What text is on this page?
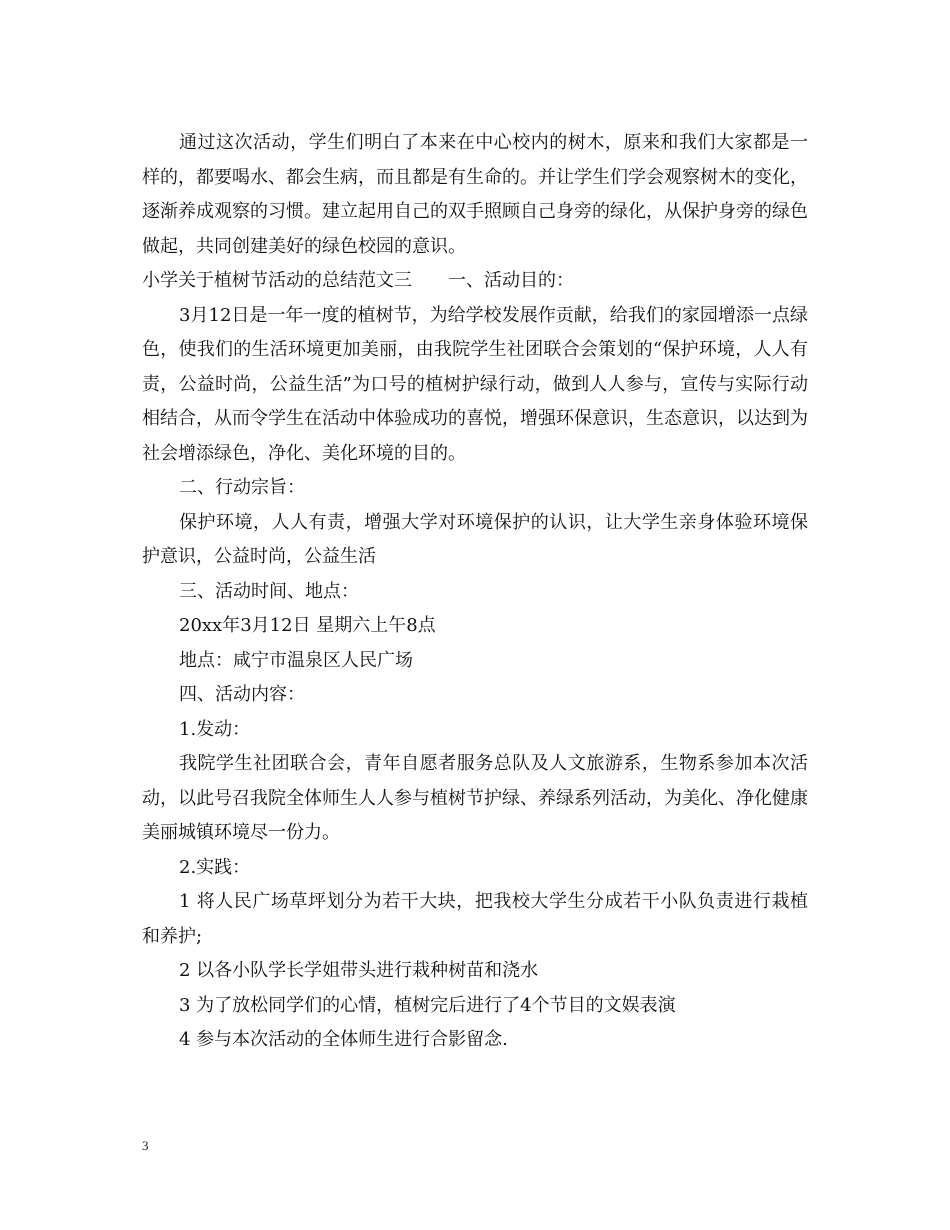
通过这次活动，学生们明白了本来在中心校内的树木，原来和我们大家都是一样的，都要喝水、都会生病，而且都是有生命的。并让学生们学会观察树木的变化，逐渐养成观察的习惯。建立起用自己的双手照顾自己身旁的绿化，从保护身旁的绿色做起，共同创建美好的绿色校园的意识。

小学关于植树节活动的总结范文三　　一、活动目的：

3月12日是一年一度的植树节，为给学校发展作贡献，给我们的家园增添一点绿色，使我们的生活环境更加美丽，由我院学生社团联合会策划的“保护环境，人人有责，公益时尚，公益生活”为口号的植树护绿行动，做到人人参与，宣传与实际行动相结合，从而令学生在活动中体验成功的喜悦，增强环保意识，生态意识，以达到为社会增添绿色，净化、美化环境的目的。

二、行动宗旨：

保护环境，人人有责，增强大学对环境保护的认识，让大学生亲身体验环境保护意识，公益时尚，公益生活

三、活动时间、地点：

20xx年3月12日 星期六上午8点

地点：咸宁市温泉区人民广场

四、活动内容：

1.发动：

我院学生社团联合会，青年自愿者服务总队及人文旅游系，生物系参加本次活动，以此号召我院全体师生人人参与植树节护绿、养绿系列活动，为美化、净化健康美丽城镇环境尽一份力。

2.实践：

1 将人民广场草坪划分为若干大块，把我校大学生分成若干小队负责进行栽植和养护;

2 以各小队学长学姐带头进行栽种树苗和浇水

3 为了放松同学们的心情，植树完后进行了4个节目的文娱表演

4 参与本次活动的全体师生进行合影留念.

3
